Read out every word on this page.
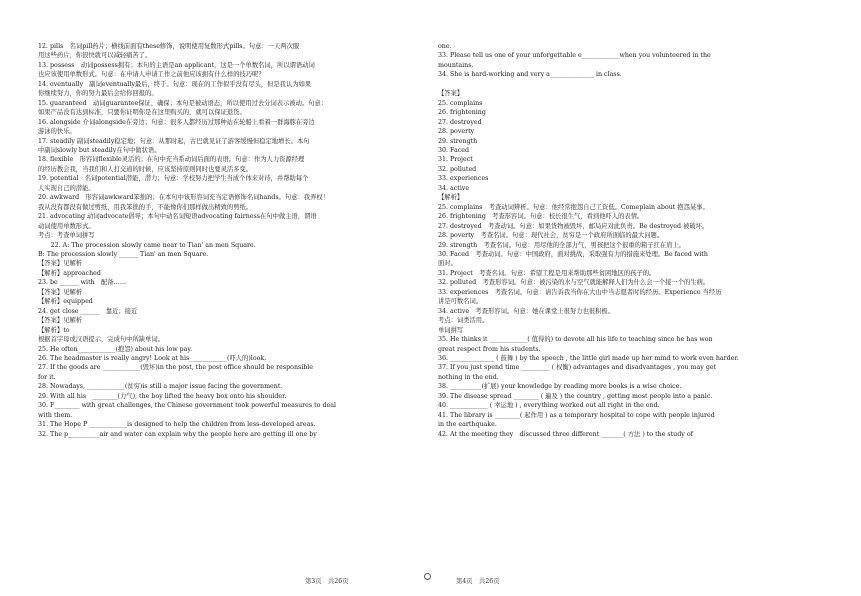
12. pills　名词pill药片；横线前面有these修饰，说明使用复数形式pills。句意：一天两次服
用这些药片，你很快就可以减轻痛苦了。
13. possess　动词possess拥有；本句的主语是an applicant，这是一个单数名词，所以谓语动词
也应该使用单数形式。句意：在申请人申请工作之前他应该拥有什么样的技巧呢？
14. eventually　副词eventually最后，终于。句意：现在的工作似乎没有尽头，但是我认为如果
你继续努力，你的努力最后会给你回报的。
15. guaranteed　动词guarantee保证，确保；本句是被动语态，所以使用过去分词表示被动。句意：
如果产品没有达到标准，只要你证明你是在这里购买的，就可以保证退货。
16. alongside 介词alongside在旁边；句意：很多人都经历过那种站在轮船上看着一群海豚在旁边
游泳的快乐。
17. steadily 副词steadily稳定地；句意：从那时起，古巴就见证了游客缓慢但稳定地增长。本句
中副词slowly but steadily在句中做状语。
18. flexible　形容词flexible灵活的；在句中充当系动词后面的表语。句意：作为人力资源经理
的经历教会我，当我们和人打交道的时候，应该坚持原则同时也要灵活多变。
19. potential　名词potential潜能，潜力；句意：学校努力把学生当成个体来对待，并帮助每个
人实现自己的潜能。
20. awkward　形容词awkward笨拙的；在本句中该形容词充当定语修饰名词hands。句意：我弄权！
我从没有都没有做过剪纸，用我笨拙的手，不能像你们那样做出精致的剪纸。
21. advocating 动词advocate倡导；本句中动名词短语advocating fairness在句中做主语，谓语
动词使用单数形式。
考点：考查单词拼写
　　22. A: The procession slowly came near to Tian' an men Square.
B: The procession slowly ______ Tian' an men Square.
【答案】见解析
【解析】approached
23. be ______ with　配备……
【答案】见解析
【解析】equipped
24. get close ______　靠近；接近
【答案】见解析
【解析】to
根据首字母或汉语提示，完成句中所缺单词。
25. He often____________(抱怨) about his low pay.
26. The headmaster is really angry! Look at his____________(吓人的)look.
27. If the goods are ____________(毁坏)in the post, the post office should be responsible
for it.
28. Nowadays, ____________(贫穷)is still a major issue facing the government.
29. With all his　________(力气), the boy lifted the heavy box onto his shoulder.
30. F________ with great challenges, the Chinese government took powerful measures to deal
with them.
31. The Hope P ____________is designed to help the children from less-developed areas.
32. The p__________air and water can explain why the people here are getting ill one by
one.
33. Please tell us one of your unforgettable e____________when you volunteered in the
mountains.
34. She is hard-working and very a______________ in class.

【答案】
25. complains
26. frightening
27. destroyed
28. poverty
29. strength
30. Faced
31. Project
32. polluted
33. experiences
34. active
【解析】
25. complains　考查动词辨析。句意：他经常抱怨自己工资低。Comeplain about 抱怨某事。
26. frightening　考查形容词。句意：校长很生气，看到他吓人的表情。
27. destroyed　考查动词。句意：如果货物被毁坏，邮局应对此负责。Be destroyed 被破坏。
28. poverty　考查名词。句意：现代社会，贫穷是一个政府所面临的最大问题。
29. strength　考查名词。句意：用尽他的全部力气，男孩把这个很重的箱子扛在肩上。
30. Faced　考查动词。句意：中国政府，面对挑战，采取强有力的措施来处理。Be faced with
面对。
31. Project　考查名词。句意：希望工程是用来帮助那些贫困地区的孩子的。
32. polluted　考查形容词。句意：被污染的水与空气就能解释人们为什么会一个接一个的生病。
33. experiences　考查名词。句意：请告诉我当你在大山中当志愿者时的经历。Experience 当经历
讲是可数名词。
34. active　考查形容词。句意：她在课堂上很努力也很积极。
考点：词类活用。
单词拼写
35. He thinks it ____________( 值得的) to devote all his life to teaching since he has won
great respect from his students.
36. ______________ ( 鼓舞 ) by the speech , the little girl made up her mind to work even harder.
37. If you just spend time _________ ( 权衡) advantages and disadvantages , you may get
nothing in the end.
38. __________(扩展) your knowledge by reading more books is a wise choice.
39. The disease spread ________ ( 遍及 ) the country , getting most people into a panic.
40. ____________ ( 幸运地 ) , everything worked out all right in the end.
41. The library is ________( 起作用 ) as a temporary hospital to cope with people injured
in the earthquake.
42. At the meeting they　discussed three different _______( 方法 ) to the study of
第3页　共26页	第4页　共26页
